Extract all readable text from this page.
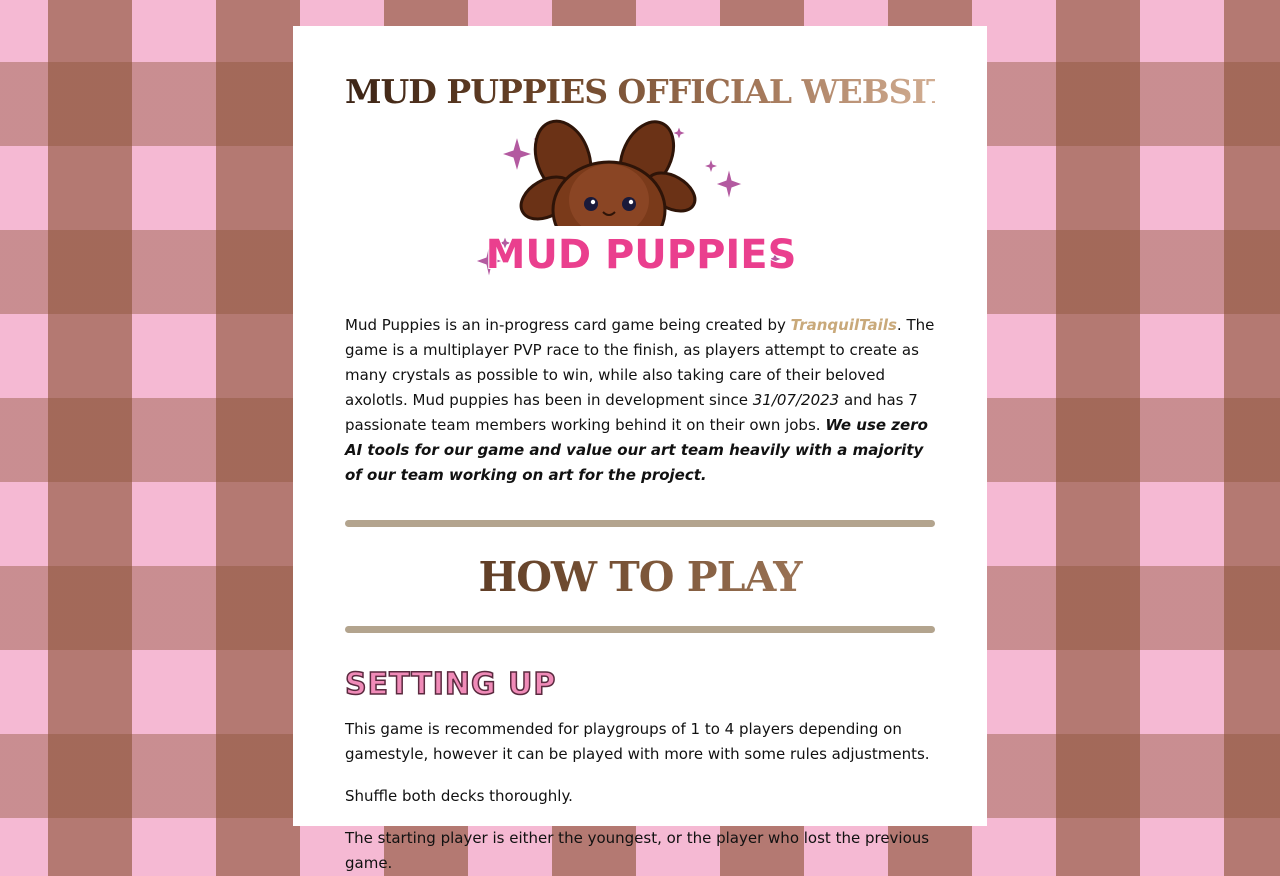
MUD PUPPIES OFFICIAL WEBSITE
MUD PUPPIES

Mud Puppies is an in-progress card game being created by TranquilTails. The game is a multiplayer PVP race to the finish, as players attempt to create as many crystals as possible to win, while also taking care of their beloved axolotls. Mud puppies has been in development since 31/07/2023 and has 7 passionate team members working behind it on their own jobs. We use zero AI tools for our game and value our art team heavily with a majority of our team working on art for the project.

HOW TO PLAY
SETTING UP

This game is recommended for playgroups of 1 to 4 players depending on gamestyle, however it can be played with more with some rules adjustments.

Shuffle both decks thoroughly.

The starting player is either the youngest, or the player who lost the previous game.
